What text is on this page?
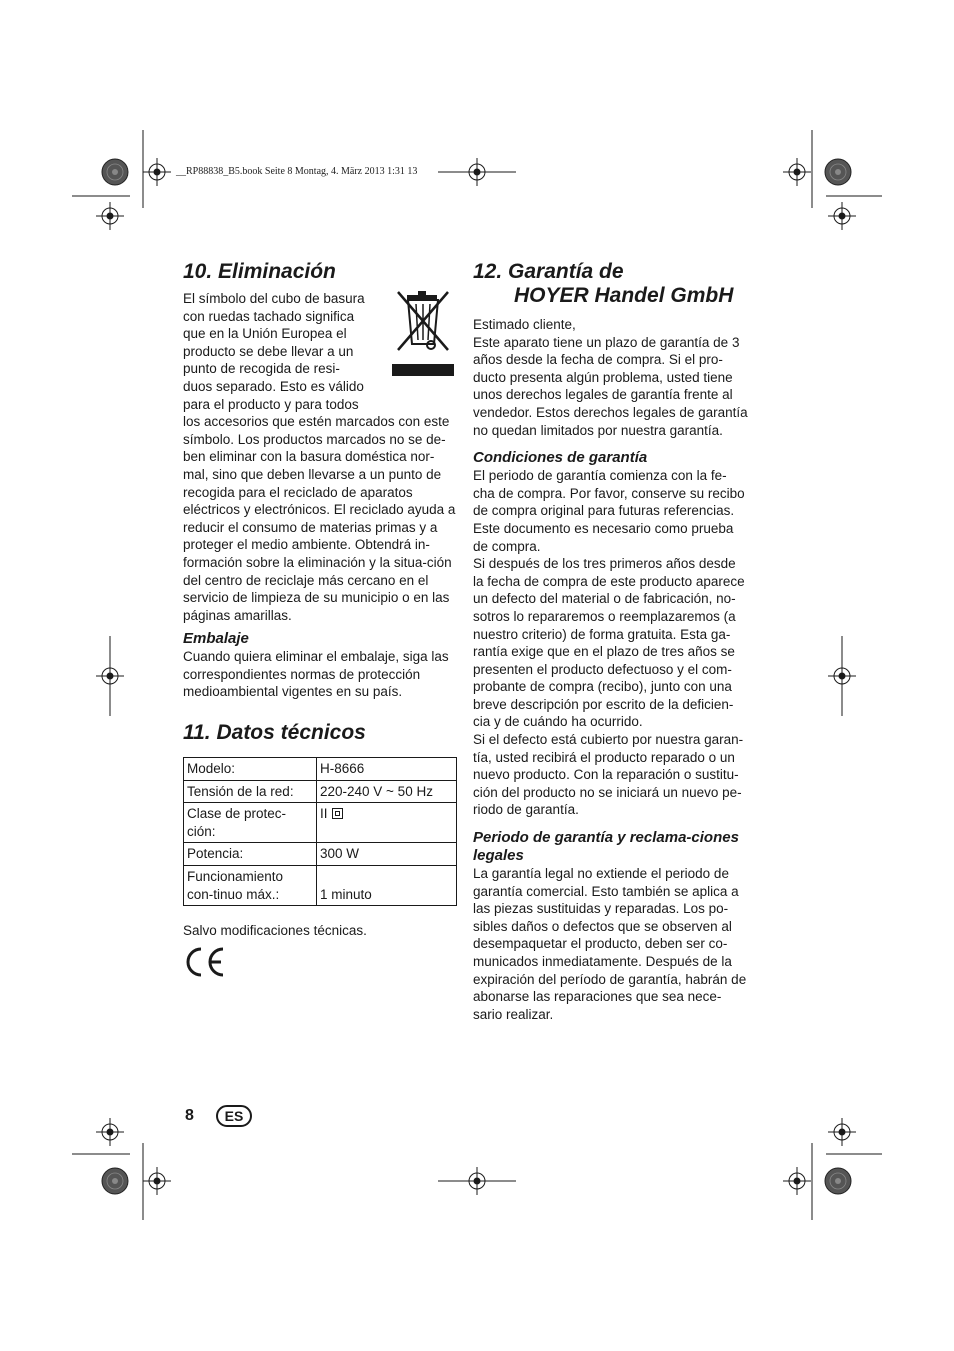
__RP88838_B5.book Seite 8 Montag, 4. März 2013 1:31 13
10. Eliminación

El símbolo del cubo de basura con ruedas tachado significa que en la Unión Europea el producto se debe llevar a un punto de recogida de resi-duos separado. Esto es válido para el producto y para todos

los accesorios que estén marcados con este símbolo. Los productos marcados no se de-ben eliminar con la basura doméstica nor-mal, sino que deben llevarse a un punto de recogida para el reciclado de aparatos eléctricos y electrónicos. El reciclado ayuda a reducir el consumo de materias primas y a proteger el medio ambiente. Obtendrá in-formación sobre la eliminación y la situa-ción del centro de reciclaje más cercano en el servicio de limpieza de su municipio o en las páginas amarillas.

Embalaje

Cuando quiera eliminar el embalaje, siga las correspondientes normas de protección medioambiental vigentes en su país.

11. Datos técnicos
Modelo:	H-8666
Tensión de la red:	220-240 V ~ 50 Hz
Clase de protec-ción:	II
Potencia:	300 W
Funcionamiento con-tinuo máx.:	1 minuto

Salvo modificaciones técnicas.

12. Garantía de
HOYER Handel GmbH

Estimado cliente,

Este aparato tiene un plazo de garantía de 3 años desde la fecha de compra. Si el pro-ducto presenta algún problema, usted tiene unos derechos legales de garantía frente al vendedor. Estos derechos legales de garantía no quedan limitados por nuestra garantía.

Condiciones de garantía

El periodo de garantía comienza con la fe-cha de compra. Por favor, conserve su recibo de compra original para futuras referencias. Este documento es necesario como prueba de compra.

Si después de los tres primeros años desde la fecha de compra de este producto aparece un defecto del material o de fabricación, no-sotros lo repararemos o reemplazaremos (a nuestro criterio) de forma gratuita. Esta ga-rantía exige que en el plazo de tres años se presenten el producto defectuoso y el com-probante de compra (recibo), junto con una breve descripción por escrito de la deficien-cia y de cuándo ha ocurrido.

Si el defecto está cubierto por nuestra garan-tía, usted recibirá el producto reparado o un nuevo producto. Con la reparación o sustitu-ción del producto no se iniciará un nuevo pe-riodo de garantía.

Periodo de garantía y reclama-ciones legales

La garantía legal no extiende el periodo de garantía comercial. Esto también se aplica a las piezas sustituidas y reparadas. Los po-sibles daños o defectos que se observen al desempaquetar el producto, deben ser co-municados inmediatamente. Después de la expiración del período de garantía, habrán de abonarse las reparaciones que sea nece-sario realizar.

8	ES
